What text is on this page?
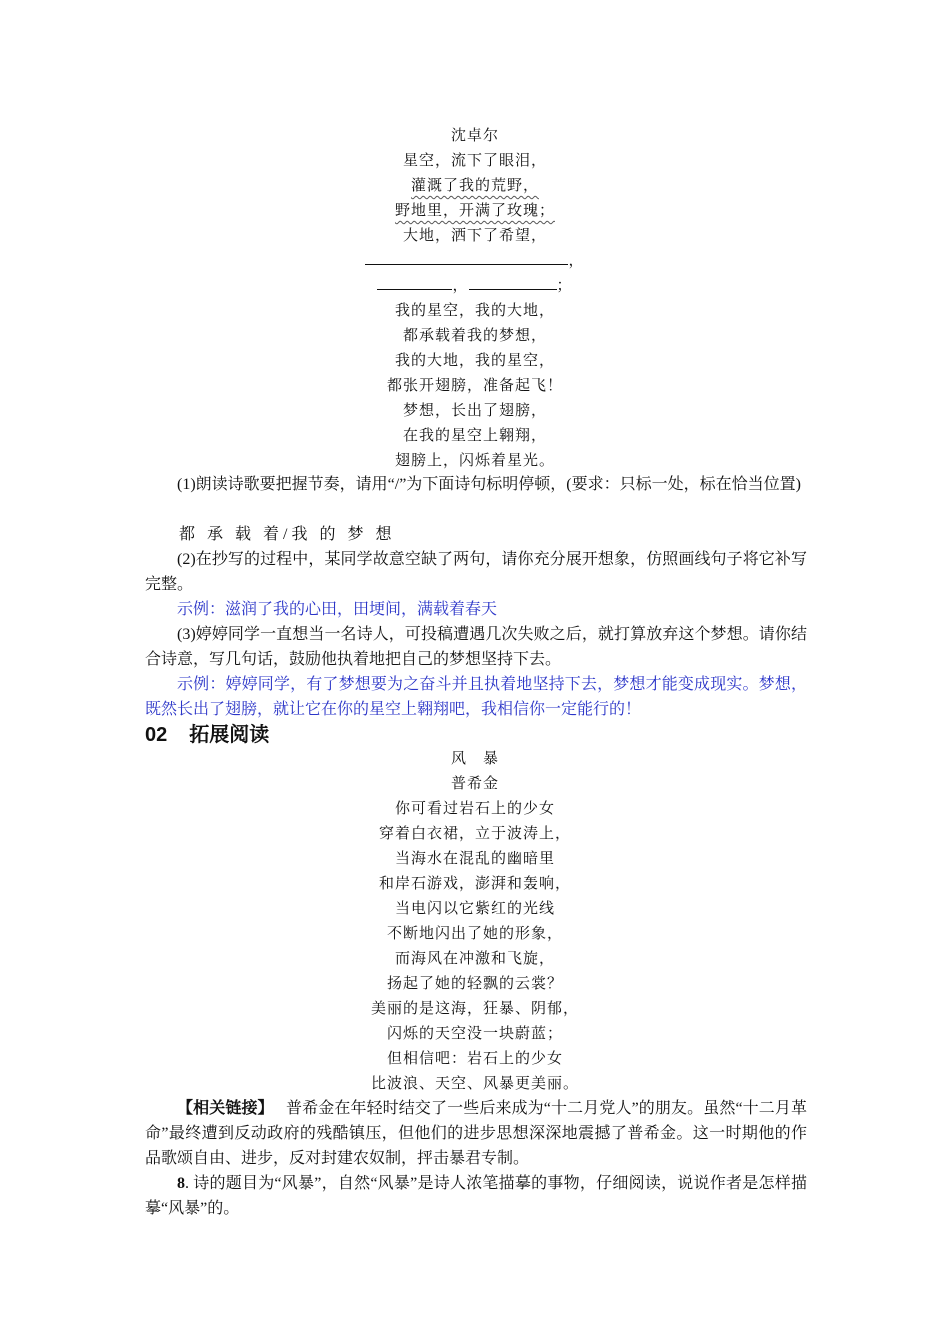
沈卓尔
星空，流下了眼泪，
灌溉了我的荒野，
野地里，开满了玫瑰；
大地，洒下了希望，
，
，	；
我的星空，我的大地，
都承载着我的梦想，
我的大地，我的星空，
都张开翅膀，准备起飞！
梦想，长出了翅膀，
在我的星空上翱翔，
翅膀上，闪烁着星光。
(1)朗读诗歌要把握节奏，请用“/”为下面诗句标明停顿，(要求：只标一处，标在恰当位置)
都 承 载 着/我 的 梦 想
(2)在抄写的过程中，某同学故意空缺了两句，请你充分展开想象，仿照画线句子将它补写完整。
示例：滋润了我的心田，田埂间，满载着春天
(3)婷婷同学一直想当一名诗人，可投稿遭遇几次失败之后，就打算放弃这个梦想。请你结合诗意，写几句话，鼓励他执着地把自己的梦想坚持下去。
示例：婷婷同学，有了梦想要为之奋斗并且执着地坚持下去，梦想才能变成现实。梦想，既然长出了翅膀，就让它在你的星空上翱翔吧，我相信你一定能行的！
02 拓展阅读
风　暴
普希金
你可看过岩石上的少女
穿着白衣裙，立于波涛上，
当海水在混乱的幽暗里
和岸石游戏，澎湃和轰响，
当电闪以它紫红的光线
不断地闪出了她的形象，
而海风在冲激和飞旋，
扬起了她的轻飘的云裳？
美丽的是这海，狂暴、阴郁，
闪烁的天空没一块蔚蓝；
但相信吧：岩石上的少女
比波浪、天空、风暴更美丽。
【相关链接】 普希金在年轻时结交了一些后来成为“十二月党人”的朋友。虽然“十二月革命”最终遭到反动政府的残酷镇压，但他们的进步思想深深地震撼了普希金。这一时期他的作品歌颂自由、进步，反对封建农奴制，抨击暴君专制。
8. 诗的题目为“风暴”，自然“风暴”是诗人浓笔描摹的事物，仔细阅读，说说作者是怎样描摹“风暴”的。
